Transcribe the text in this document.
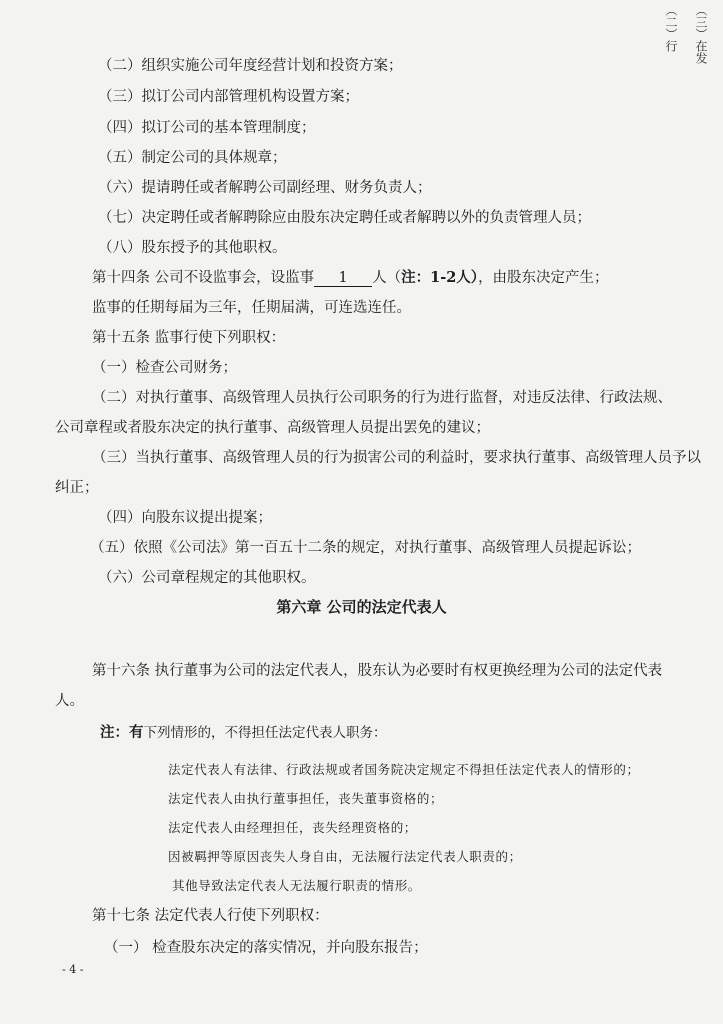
（二）组织实施公司年度经营计划和投资方案；
（三）拟订公司内部管理机构设置方案；
（四）拟订公司的基本管理制度；
（五）制定公司的具体规章；
（六）提请聘任或者解聘公司副经理、财务负责人；
（七）决定聘任或者解聘除应由股东决定聘任或者解聘以外的负责管理人员；
（八）股东授予的其他职权。
第十四条 公司不设监事会，设监事 1 人（注：1-2人），由股东决定产生；
监事的任期每届为三年，任期届满，可连选连任。
第十五条 监事行使下列职权：
（一）检查公司财务；
（二）对执行董事、高级管理人员执行公司职务的行为进行监督，对违反法律、行政法规、
公司章程或者股东决定的执行董事、高级管理人员提出罢免的建议；
（三）当执行董事、高级管理人员的行为损害公司的利益时，要求执行董事、高级管理人员予以
纠正；
（四）向股东议提出提案；
（五）依照《公司法》第一百五十二条的规定，对执行董事、高级管理人员提起诉讼；
（六）公司章程规定的其他职权。
第六章 公司的法定代表人
第十六条 执行董事为公司的法定代表人，股东认为必要时有权更换经理为公司的法定代表
人。
注：有下列情形的，不得担任法定代表人职务：
法定代表人有法律、行政法规或者国务院决定规定不得担任法定代表人的情形的；
法定代表人由执行董事担任，丧失董事资格的；
法定代表人由经理担任，丧失经理资格的；
因被羁押等原因丧失人身自由，无法履行法定代表人职责的；
其他导致法定代表人无法履行职责的情形。
第十七条 法定代表人行使下列职权：
（一） 检查股东决定的落实情况，并向股东报告；
- 4 -
（二）行 （三）在发
